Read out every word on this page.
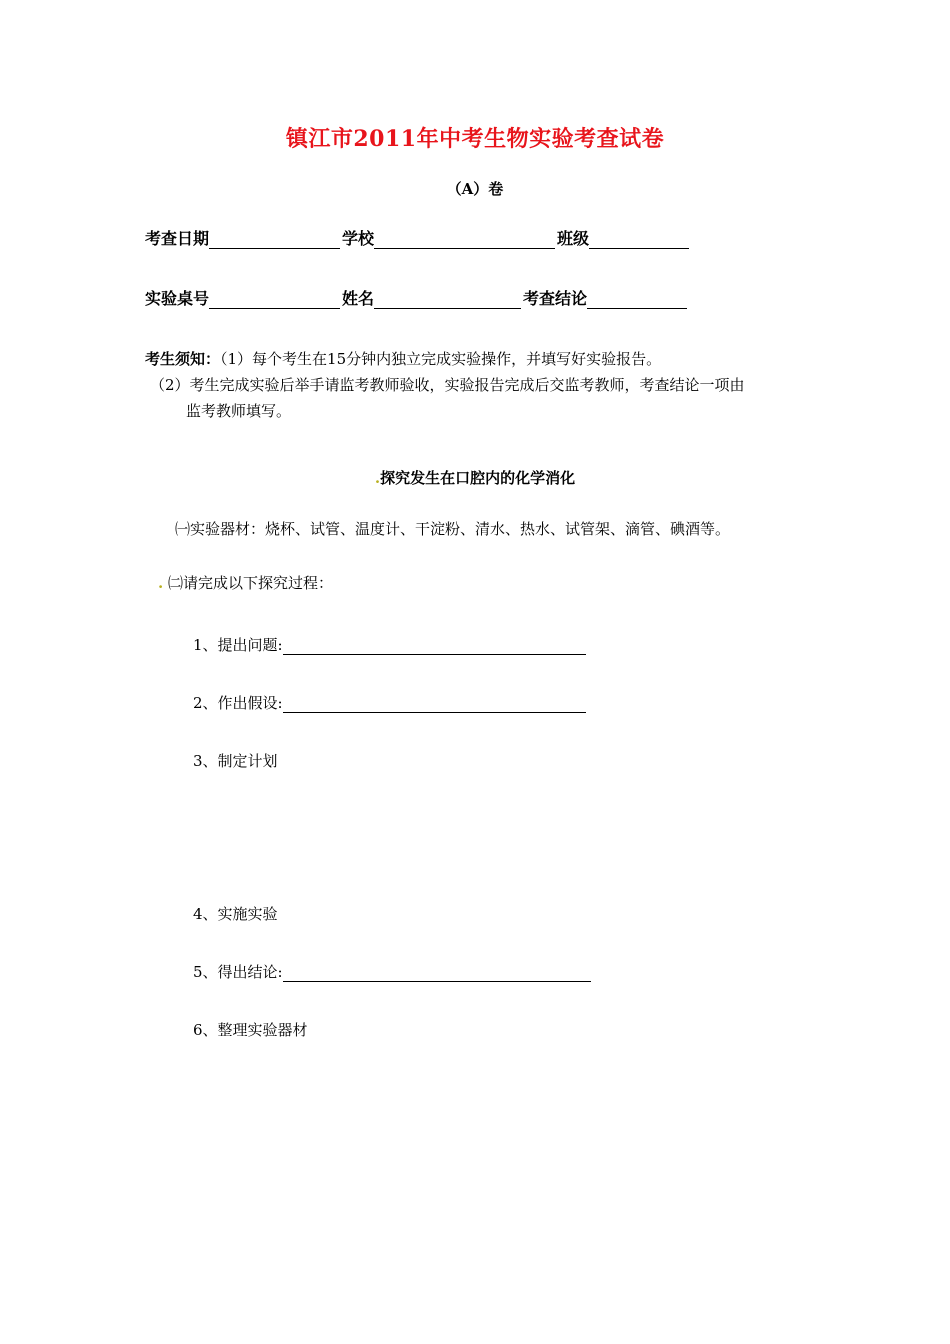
镇江市2011年中考生物实验考查试卷
（A）卷
考查日期	学校	班级
实验桌号	姓名	考查结论
考生须知：（1）每个考生在15分钟内独立完成实验操作，并填写好实验报告。
（2）考生完成实验后举手请监考教师验收，实验报告完成后交监考教师，考查结论一项由
监考教师填写。
.探究发生在口腔内的化学消化
㈠实验器材：烧杯、试管、温度计、干淀粉、清水、热水、试管架、滴管、碘酒等。
. ㈡请完成以下探究过程：
1、提出问题:
2、作出假设:
3、制定计划
4、实施实验
5、得出结论:
6、整理实验器材
